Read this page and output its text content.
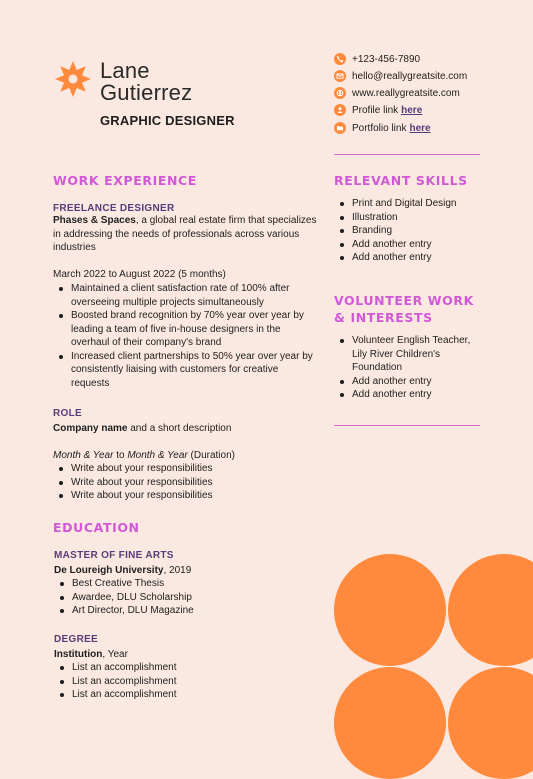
Lane
Gutierrez
GRAPHIC DESIGNER
+123-456-7890
hello@reallygreatsite.com
www.reallygreatsite.com
Profile link here
Portfolio link here
WORK EXPERIENCE
FREELANCE DESIGNER
Phases & Spaces, a global real estate firm that specializes in addressing the needs of professionals across various industries
March 2022 to August 2022 (5 months)
Maintained a client satisfaction rate of 100% after overseeing multiple projects simultaneously
Boosted brand recognition by 70% year over year by leading a team of five in-house designers in the overhaul of their company's brand
Increased client partnerships to 50% year over year by consistently liaising with customers for creative requests
ROLE
Company name and a short description
Month & Year to Month & Year (Duration)
Write about your responsibilities
Write about your responsibilities
Write about your responsibilities
EDUCATION
MASTER OF FINE ARTS
De Loureigh University, 2019
Best Creative Thesis
Awardee, DLU Scholarship
Art Director, DLU Magazine
DEGREE
Institution, Year
List an accomplishment
List an accomplishment
List an accomplishment
RELEVANT SKILLS
Print and Digital Design
Illustration
Branding
Add another entry
Add another entry
VOLUNTEER WORK
& INTERESTS
Volunteer English Teacher, Lily River Children's Foundation
Add another entry
Add another entry
